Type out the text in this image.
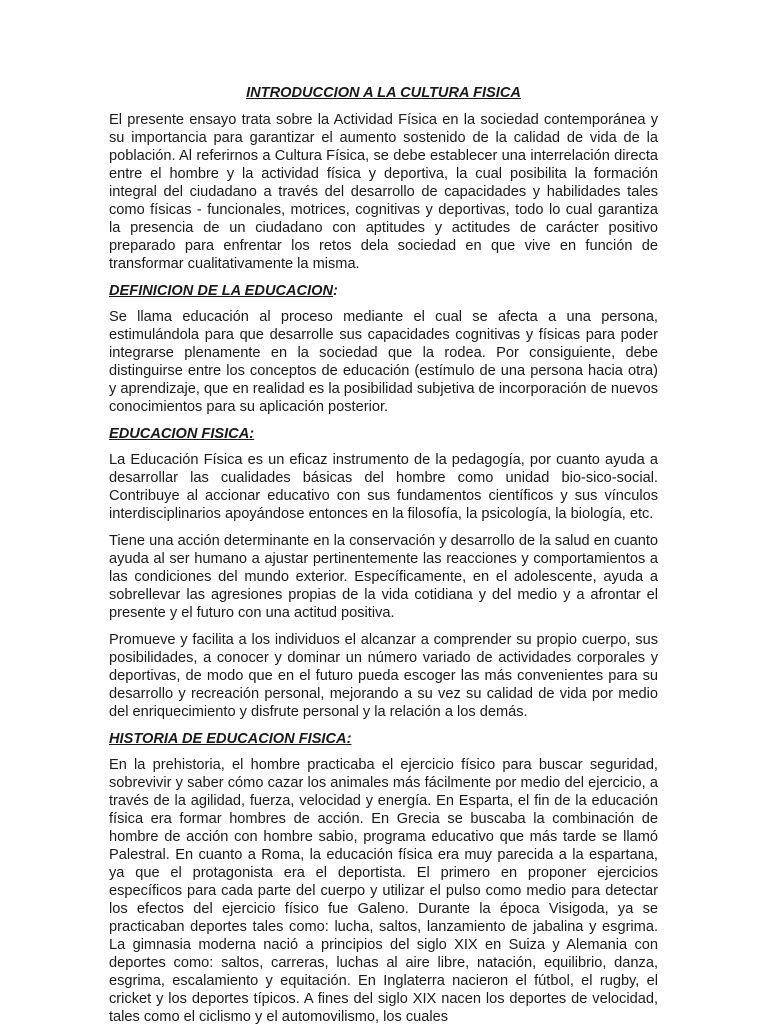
INTRODUCCION A LA CULTURA FISICA

El presente ensayo trata sobre la Actividad Física en la sociedad contemporánea y su importancia para garantizar el aumento sostenido de la calidad de vida de la población. Al referirnos a Cultura Física, se debe establecer una interrelación directa entre el hombre y la actividad física y deportiva, la cual posibilita la formación integral del ciudadano a través del desarrollo de capacidades y habilidades tales como físicas - funcionales, motrices, cognitivas y deportivas, todo lo cual garantiza la presencia de un ciudadano con aptitudes y actitudes de carácter positivo preparado para enfrentar los retos dela sociedad en que vive en función de transformar cualitativamente la misma.

DEFINICION DE LA EDUCACION:

Se llama educación al proceso mediante el cual se afecta a una persona, estimulándola para que desarrolle sus capacidades cognitivas y físicas para poder integrarse plenamente en la sociedad que la rodea. Por consiguiente, debe distinguirse entre los conceptos de educación (estímulo de una persona hacia otra) y aprendizaje, que en realidad es la posibilidad subjetiva de incorporación de nuevos conocimientos para su aplicación posterior.

EDUCACION FISICA:

La Educación Física es un eficaz instrumento de la pedagogía, por cuanto ayuda a desarrollar las cualidades básicas del hombre como unidad bio-sico-social. Contribuye al accionar educativo con sus fundamentos científicos y sus vínculos interdisciplinarios apoyándose entonces en la filosofía, la psicología, la biología, etc.

Tiene una acción determinante en la conservación y desarrollo de la salud en cuanto ayuda al ser humano a ajustar pertinentemente las reacciones y comportamientos a las condiciones del mundo exterior. Específicamente, en el adolescente, ayuda a sobrellevar las agresiones propias de la vida cotidiana y del medio y a afrontar el presente y el futuro con una actitud positiva.

Promueve y facilita a los individuos el alcanzar a comprender su propio cuerpo, sus posibilidades, a conocer y dominar un número variado de actividades corporales y deportivas, de modo que en el futuro pueda escoger las más convenientes para su desarrollo y recreación personal, mejorando a su vez su calidad de vida por medio del enriquecimiento y disfrute personal y la relación a los demás.

HISTORIA DE EDUCACION FISICA:

En la prehistoria, el hombre practicaba el ejercicio físico para buscar seguridad, sobrevivir y saber cómo cazar los animales más fácilmente por medio del ejercicio, a través de la agilidad, fuerza, velocidad y energía. En Esparta, el fin de la educación física era formar hombres de acción. En Grecia se buscaba la combinación de hombre de acción con hombre sabio, programa educativo que más tarde se llamó Palestral. En cuanto a Roma, la educación física era muy parecida a la espartana, ya que el protagonista era el deportista. El primero en proponer ejercicios específicos para cada parte del cuerpo y utilizar el pulso como medio para detectar los efectos del ejercicio físico fue Galeno. Durante la época Visigoda, ya se practicaban deportes tales como: lucha, saltos, lanzamiento de jabalina y esgrima. La gimnasia moderna nació a principios del siglo XIX en Suiza y Alemania con deportes como: saltos, carreras, luchas al aire libre, natación, equilibrio, danza, esgrima, escalamiento y equitación. En Inglaterra nacieron el fútbol, el rugby, el cricket y los deportes típicos. A fines del siglo XIX nacen los deportes de velocidad, tales como el ciclismo y el automovilismo, los cuales
